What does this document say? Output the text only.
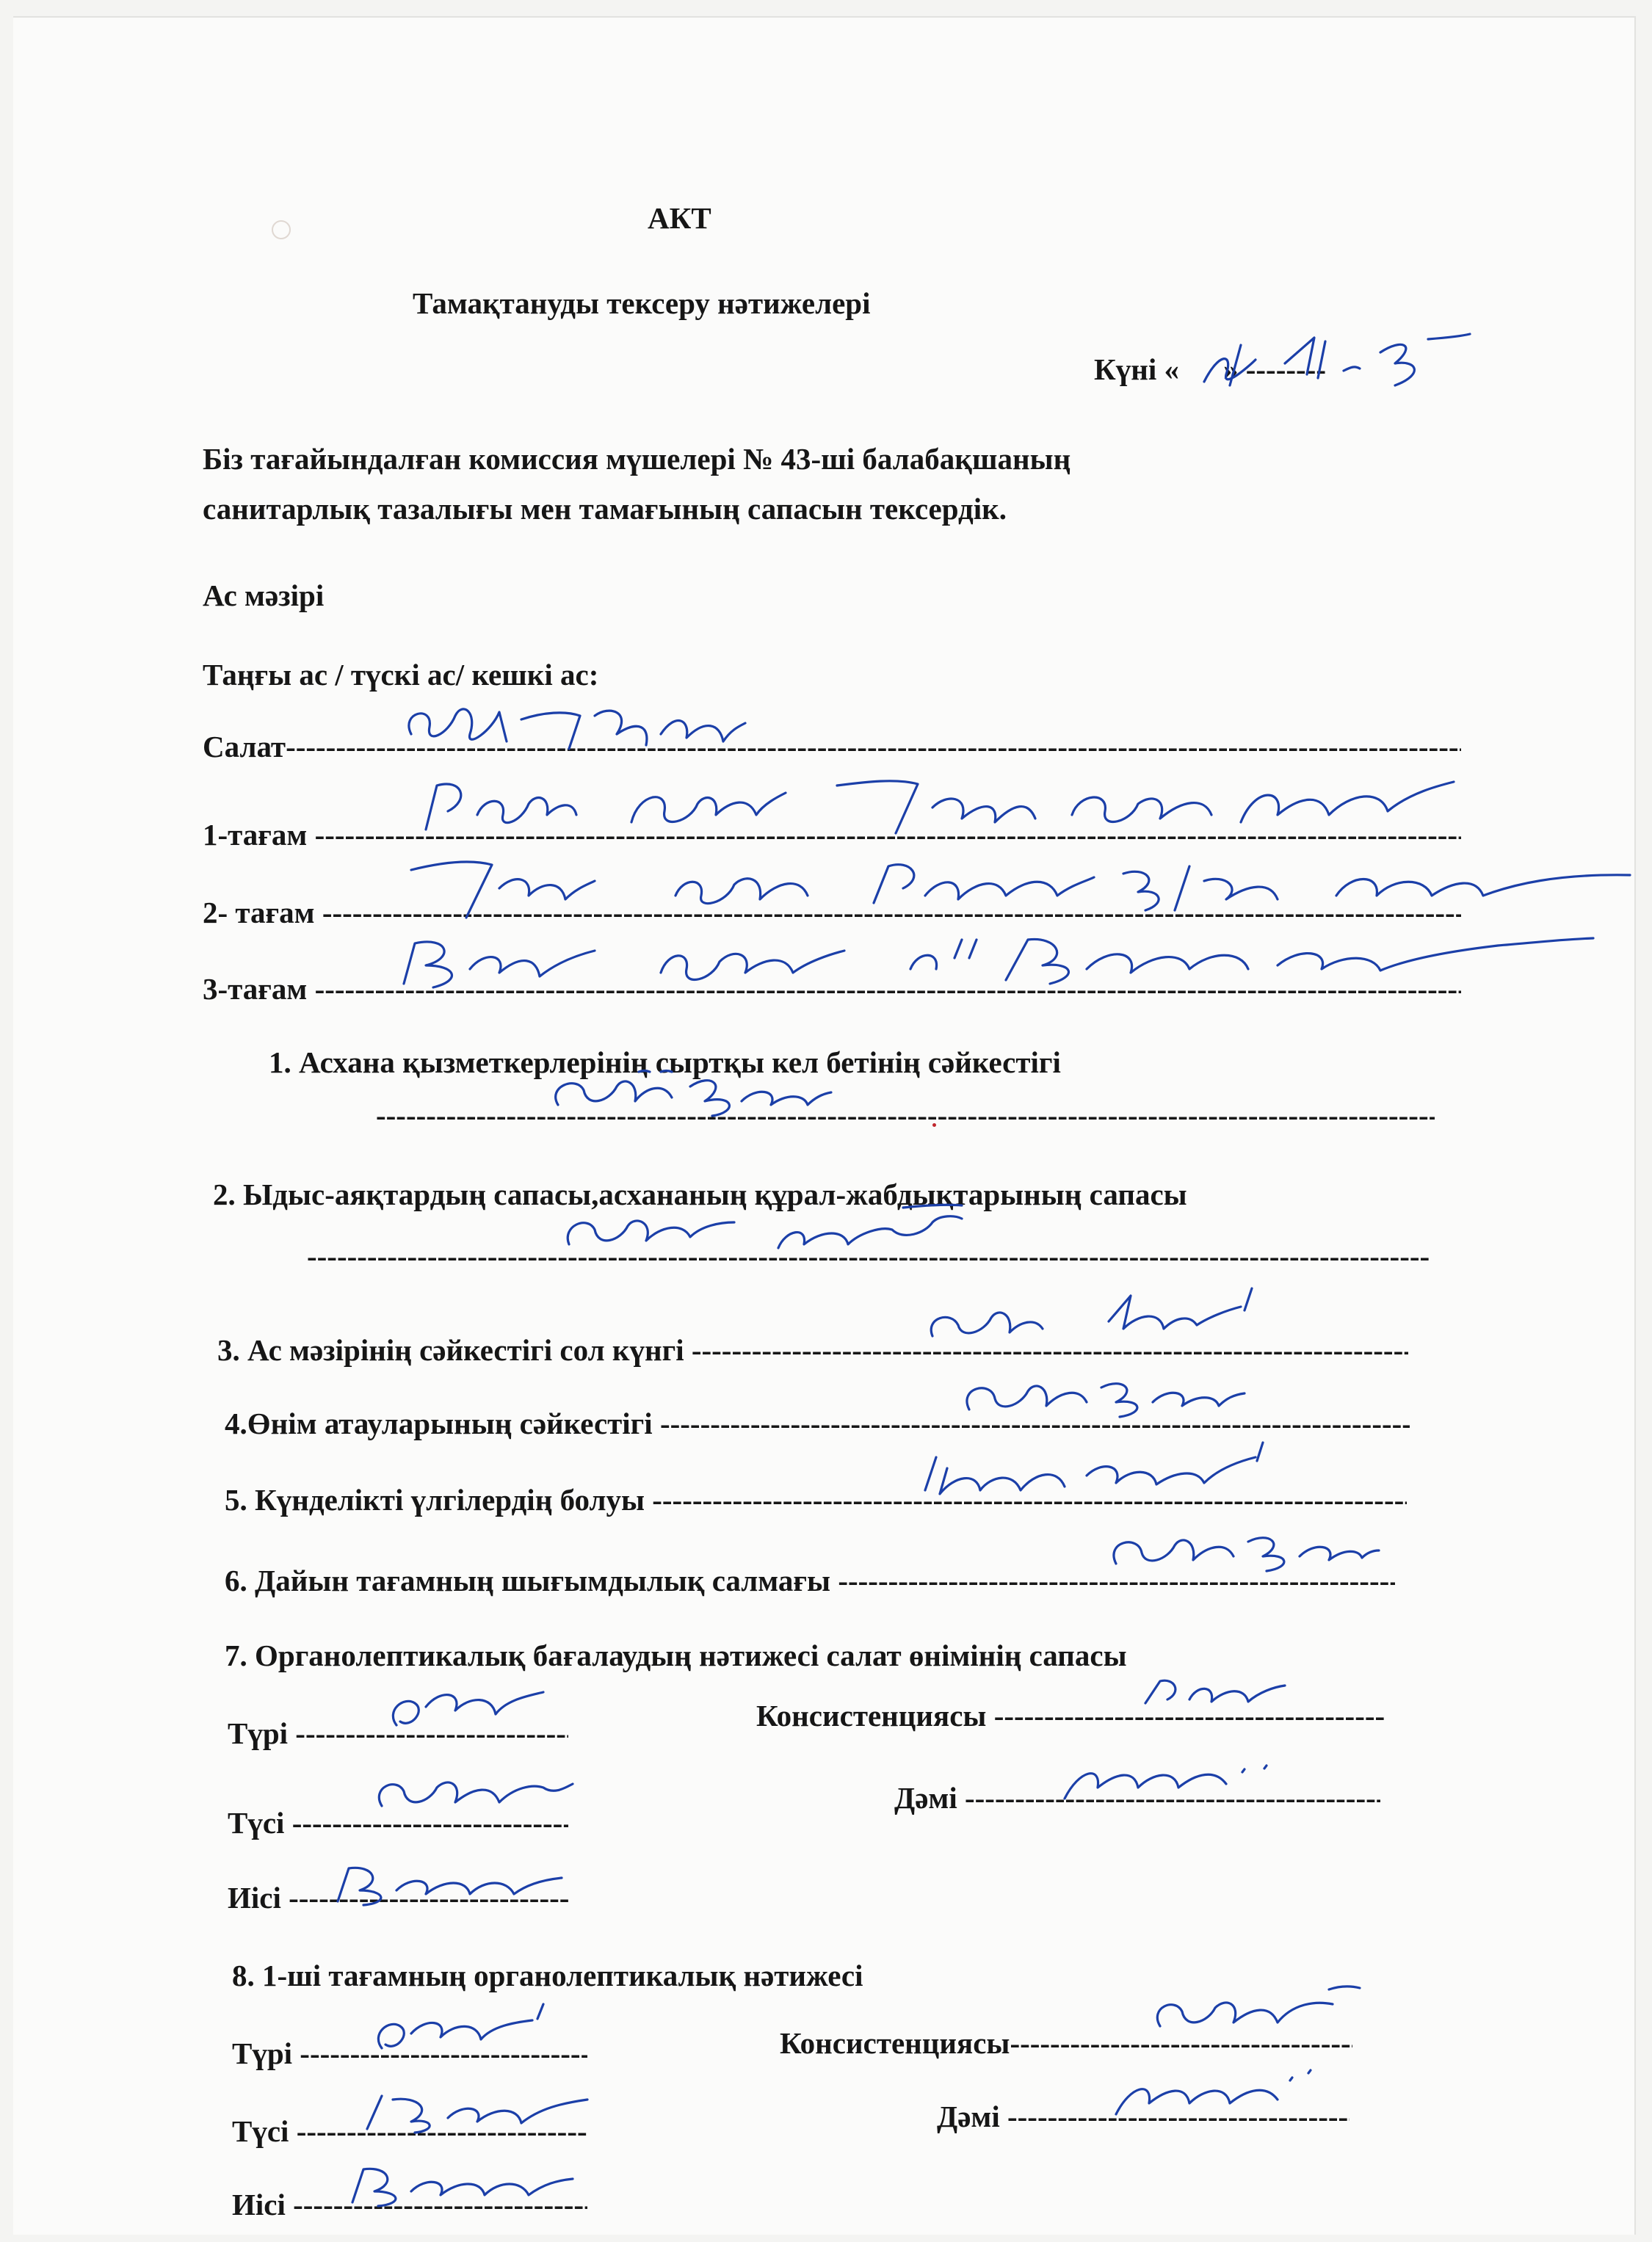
АКТ
Тамақтануды тексеру нәтижелері
Күні « » --------
Біз тағайындалған комиссия мүшелері № 43-ші балабақшаның
санитарлық тазалығы мен тамағының сапасын тексердік.
Ас мәзірі
Таңғы ас / түскі ас/ кешкі ас:
Салат -----
1-тағам -----
2- тағам -----
3-тағам -----
1. Асхана қызметкерлерінің сыртқы кел бетінің сәйкестігі
-----
2. Ыдыс-аяқтардың сапасы,асхананың құрал-жабдықтарының сапасы
-----
3. Ас мәзірінің сәйкестігі сол күнгі -----
4.Өнім атауларының сәйкестігі -----
5. Күнделікті үлгілердің болуы -----
6. Дайын тағамның шығымдылық салмағы -----
7. Органолептикалық бағалаудың нәтижесі салат өнімінің сапасы
Түрі -----
Консистенциясы -----
Түсі -----
Дәмі -----
Иісі -----
8. 1-ші тағамның органолептикалық нәтижесі
Түрі -----	Консистенциясы -----
Түсі -----	Дәмі -----
Иісі -----
